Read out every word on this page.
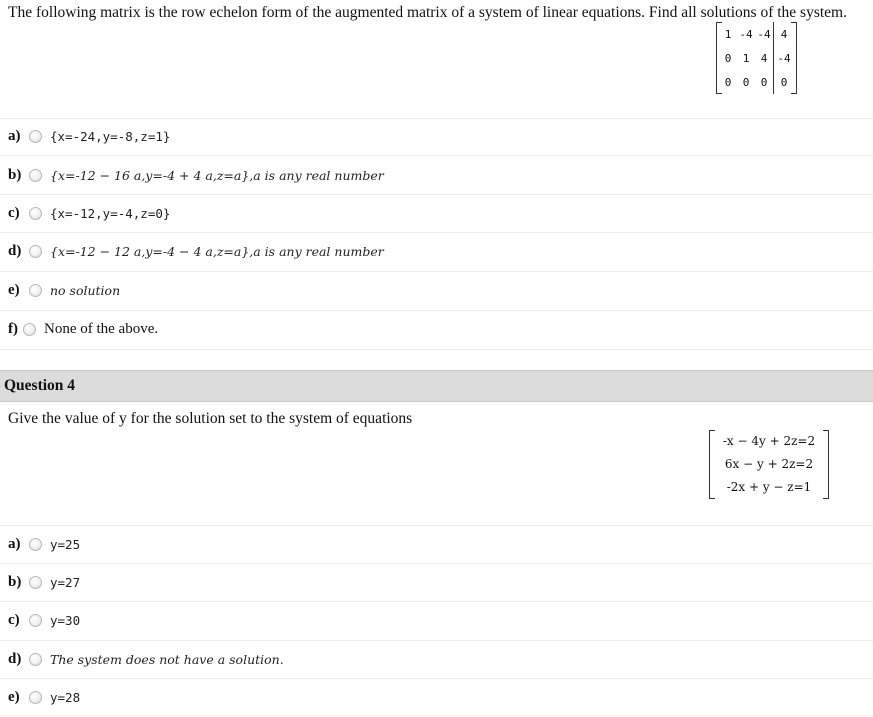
The following matrix is the row echelon form of the augmented matrix of a system of linear equations. Find all solutions of the system.
1	-4	-4	4
0	1	4	-4
0	0	0	0
a)	{x=-24,y=-8,z=1}
b)	{x=-12 − 16 a,y=-4 + 4 a,z=a},a is any real number
c)	{x=-12,y=-4,z=0}
d)	{x=-12 − 12 a,y=-4 − 4 a,z=a},a is any real number
e)	no solution
f) None of the above.
Question 4
Give the value of y for the solution set to the system of equations
-x − 4y + 2z=2
6x − y + 2z=2
-2x + y − z=1
a)	y=25
b)	y=27
c)	y=30
d)	The system does not have a solution.
e)	y=28
